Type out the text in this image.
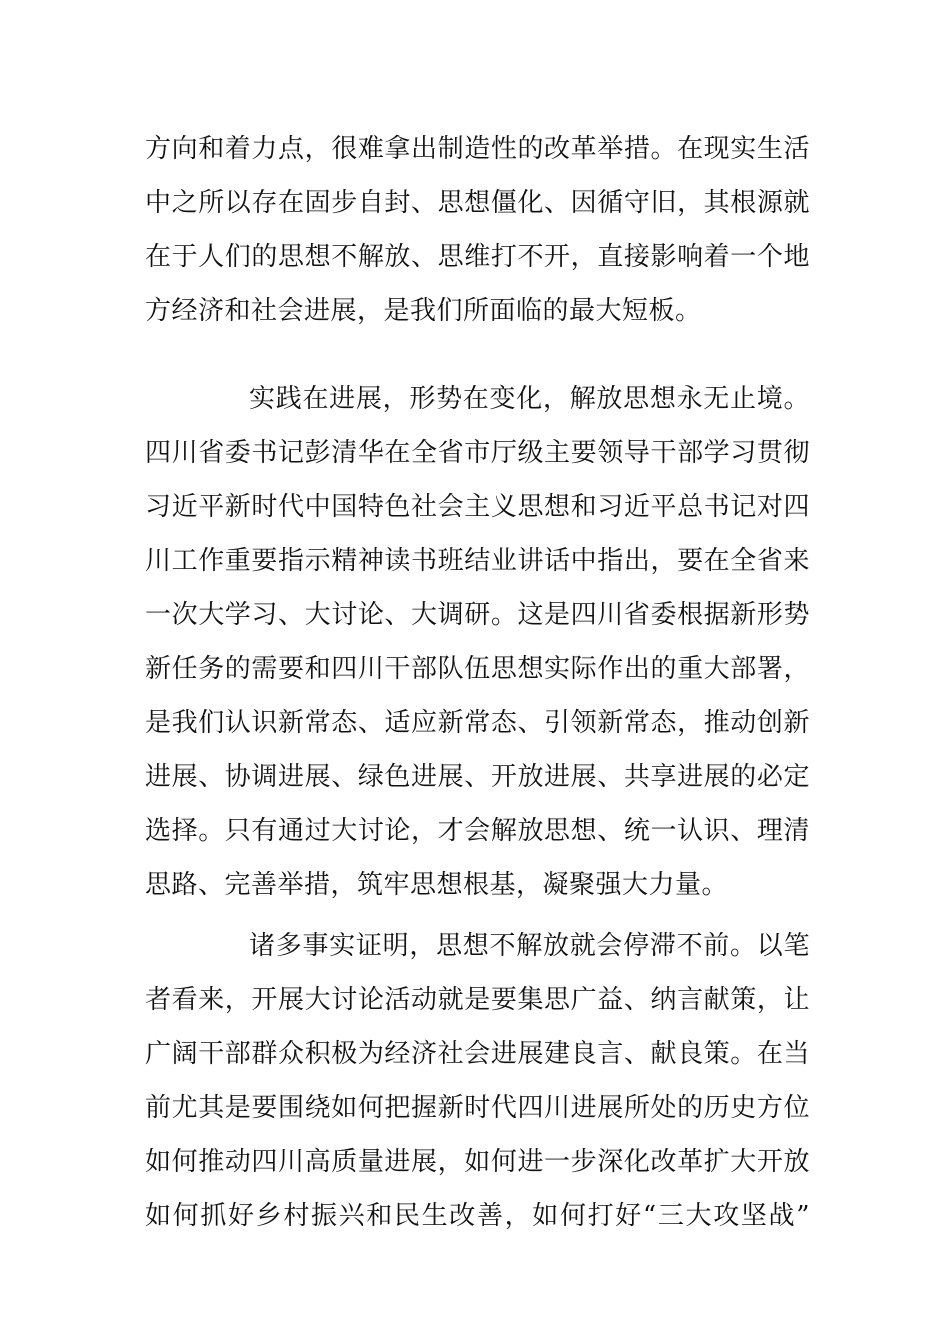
方向和着力点，很难拿出制造性的改革举措。在现实生活
中之所以存在固步自封、思想僵化、因循守旧，其根源就
在于人们的思想不解放、思维打不开，直接影响着一个地
方经济和社会进展，是我们所面临的最大短板。
实践在进展，形势在变化，解放思想永无止境。
四川省委书记彭清华在全省市厅级主要领导干部学习贯彻
习近平新时代中国特色社会主义思想和习近平总书记对四
川工作重要指示精神读书班结业讲话中指出，要在全省来
一次大学习、大讨论、大调研。这是四川省委根据新形势
新任务的需要和四川干部队伍思想实际作出的重大部署，
是我们认识新常态、适应新常态、引领新常态，推动创新
进展、协调进展、绿色进展、开放进展、共享进展的必定
选择。只有通过大讨论，才会解放思想、统一认识、理清
思路、完善举措，筑牢思想根基，凝聚强大力量。
诸多事实证明，思想不解放就会停滞不前。以笔
者看来，开展大讨论活动就是要集思广益、纳言献策，让
广阔干部群众积极为经济社会进展建良言、献良策。在当
前尤其是要围绕如何把握新时代四川进展所处的历史方位
如何推动四川高质量进展，如何进一步深化改革扩大开放
如何抓好乡村振兴和民生改善，如何打好“三大攻坚战”
